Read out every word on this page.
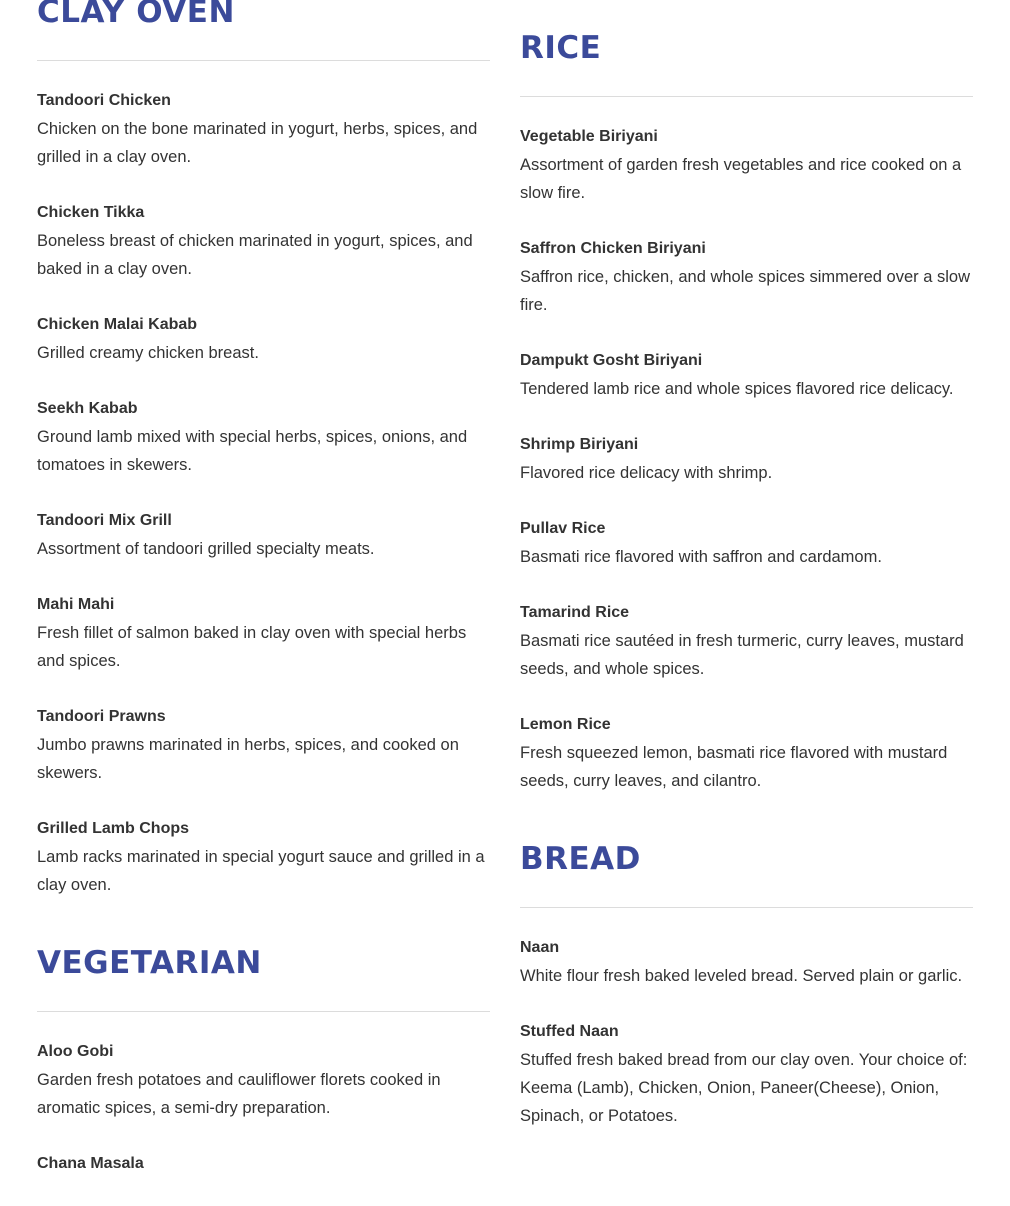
CLAY OVEN
Tandoori Chicken
Chicken on the bone marinated in yogurt, herbs, spices, and grilled in a clay oven.
Chicken Tikka
Boneless breast of chicken marinated in yogurt, spices, and baked in a clay oven.
Chicken Malai Kabab
Grilled creamy chicken breast.
Seekh Kabab
Ground lamb mixed with special herbs, spices, onions, and tomatoes in skewers.
Tandoori Mix Grill
Assortment of tandoori grilled specialty meats.
Mahi Mahi
Fresh fillet of salmon baked in clay oven with special herbs and spices.
Tandoori Prawns
Jumbo prawns marinated in herbs, spices, and cooked on skewers.
Grilled Lamb Chops
Lamb racks marinated in special yogurt sauce and grilled in a clay oven.
VEGETARIAN
Aloo Gobi
Garden fresh potatoes and cauliflower florets cooked in aromatic spices, a semi-dry preparation.
Chana Masala
RICE
Vegetable Biriyani
Assortment of garden fresh vegetables and rice cooked on a slow fire.
Saffron Chicken Biriyani
Saffron rice, chicken, and whole spices simmered over a slow fire.
Dampukt Gosht Biriyani
Tendered lamb rice and whole spices flavored rice delicacy.
Shrimp Biriyani
Flavored rice delicacy with shrimp.
Pullav Rice
Basmati rice flavored with saffron and cardamom.
Tamarind Rice
Basmati rice sautéed in fresh turmeric, curry leaves, mustard seeds, and whole spices.
Lemon Rice
Fresh squeezed lemon, basmati rice flavored with mustard seeds, curry leaves, and cilantro.
BREAD
Naan
White flour fresh baked leveled bread. Served plain or garlic.
Stuffed Naan
Stuffed fresh baked bread from our clay oven. Your choice of: Keema (Lamb), Chicken, Onion, Paneer(Cheese), Onion, Spinach, or Potatoes.
